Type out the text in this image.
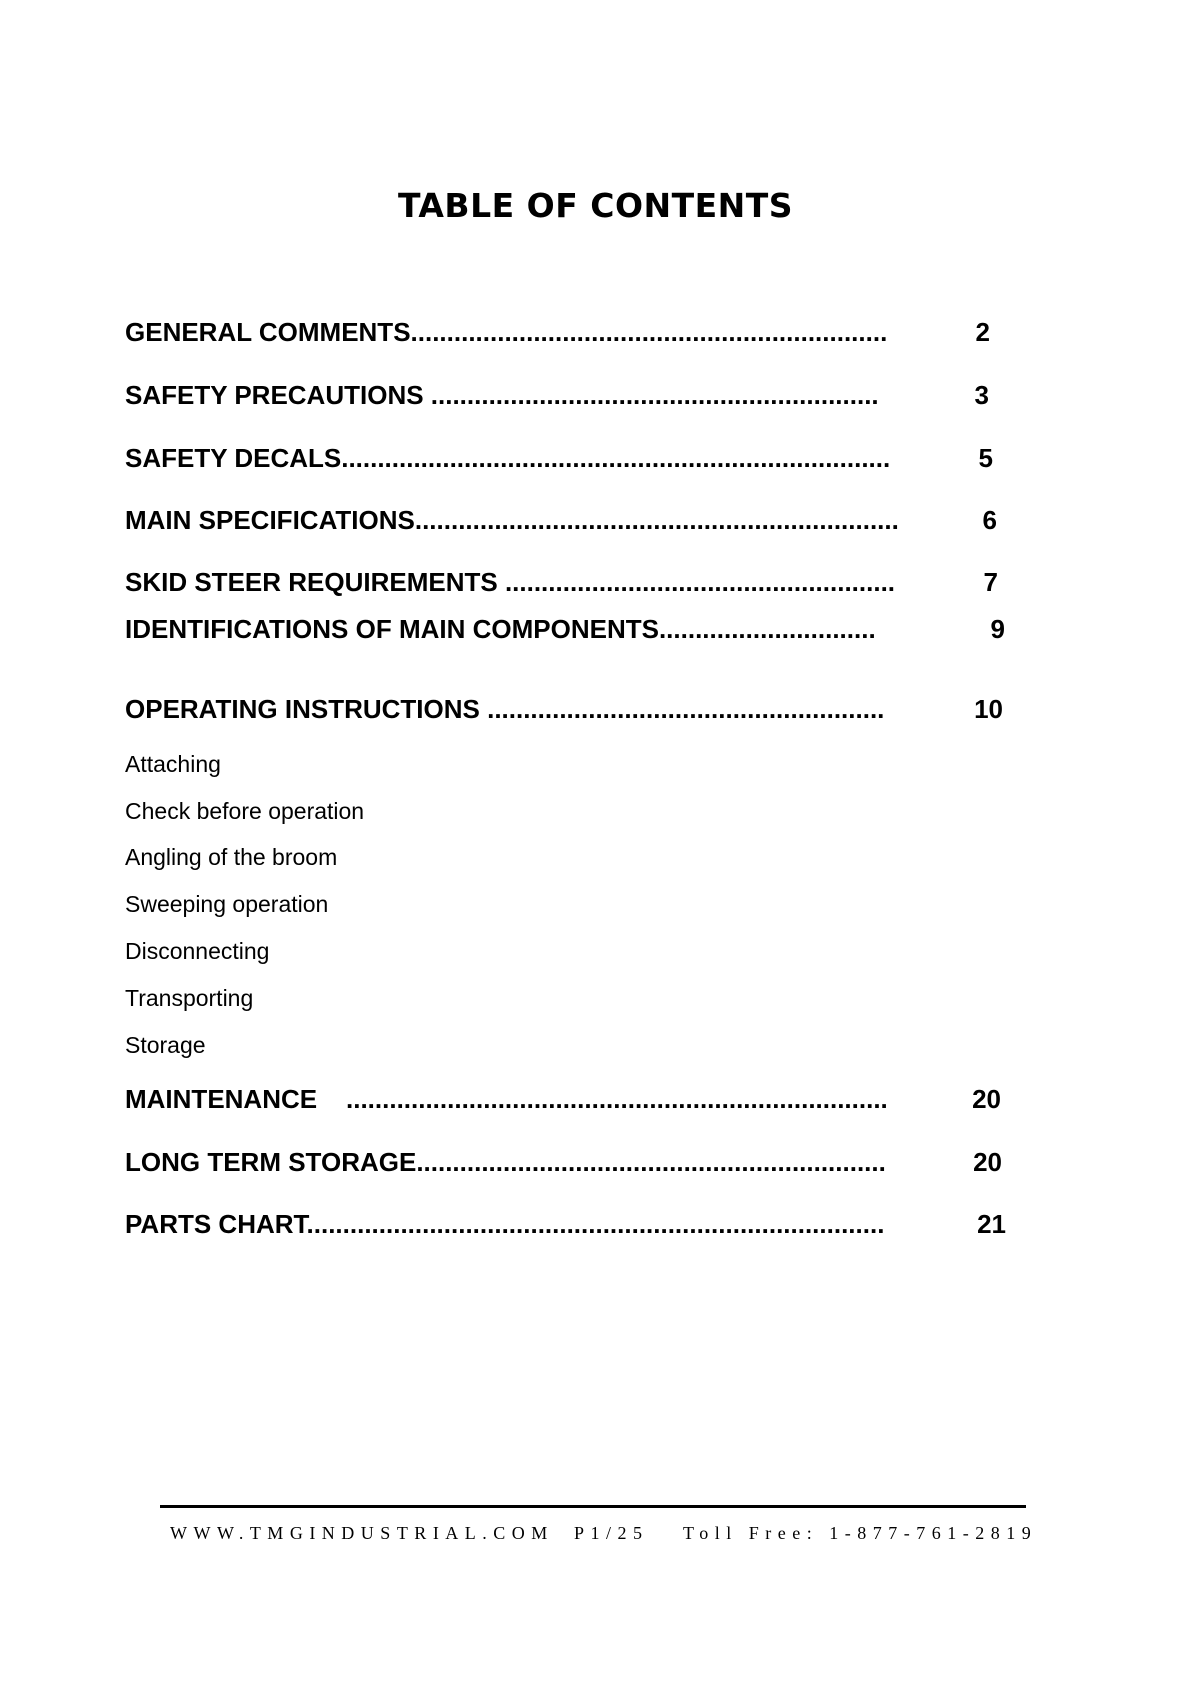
TABLE OF CONTENTS
GENERAL COMMENTS..................................................................	2
SAFETY PRECAUTIONS ..............................................................	3
SAFETY DECALS............................................................................	5
MAIN SPECIFICATIONS...................................................................	6
SKID STEER REQUIREMENTS ......................................................	7
IDENTIFICATIONS OF MAIN COMPONENTS..............................	9
OPERATING INSTRUCTIONS .......................................................	10
Attaching
Check before operation
Angling of the broom
Sweeping operation
Disconnecting
Transporting
Storage
MAINTENANCE    ...........................................................................	20
LONG TERM STORAGE.................................................................	20
PARTS CHART................................................................................	21
WWW.TMGINDUSTRIAL.COM P1/25 Toll Free: 1-877-761-2819
